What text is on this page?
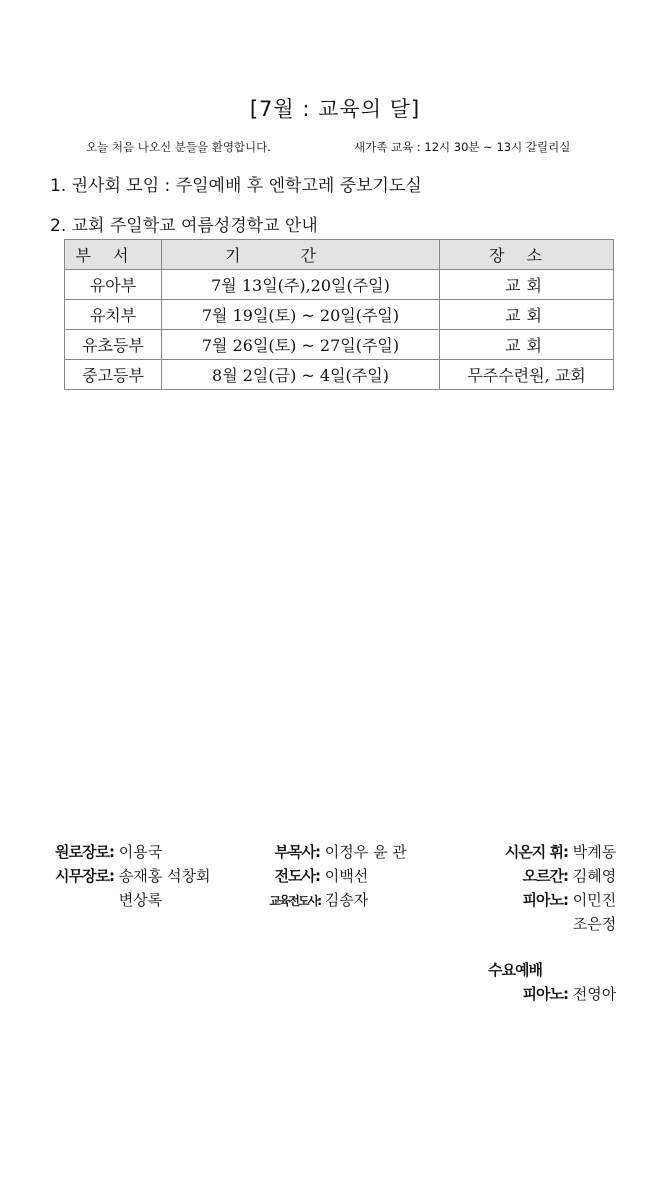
[7월 : 교육의 달]
오늘 처음 나오신 분들을 환영합니다.	새가족 교육 : 12시 30분 ~ 13시 갈릴리실
1. 권사회 모임 : 주일예배 후 엔학고레 중보기도실
2. 교회 주일학교 여름성경학교 안내
부서	기간	장소
유아부	7월 13일(주),20일(주일)	교회
유치부	7월 19일(토) ~ 20일(주일)	교회
유초등부	7월 26일(토) ~ 27일(주일)	교회
중고등부	8월 2일(금) ~ 4일(주일)	무주수련원, 교회
원로장로: 이용국
시무장로: 송재홍 석창회
변상록
부목사: 이정우 윤 관
전도사: 이백선
교육전도사: 김송자
시온지 휘: 박계동
오르간: 김혜영
피아노: 이민진
조은정
수요예배
피아노: 전영아
